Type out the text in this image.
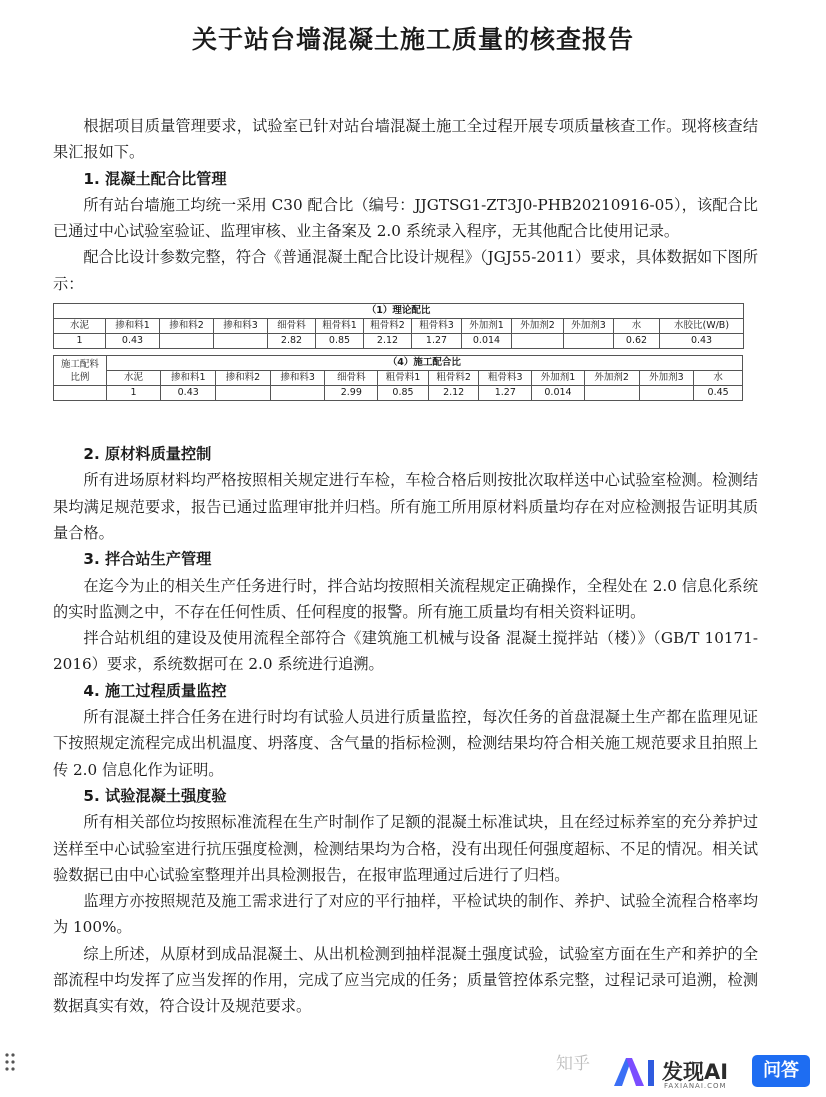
关于站台墙混凝土施工质量的核查报告

根据项目质量管理要求，试验室已针对站台墙混凝土施工全过程开展专项质量核查工作。现将核查结果汇报如下。

1. 混凝土配合比管理

所有站台墙施工均统一采用 C30 配合比（编号：JJGTSG1-ZT3J0-PHB20210916-05），该配合比已通过中心试验室验证、监理审核、业主备案及 2.0 系统录入程序，无其他配合比使用记录。

配合比设计参数完整，符合《普通混凝土配合比设计规程》（JGJ55-2011）要求，具体数据如下图所示：

（1）理论配比												
水泥	掺和料1	掺和料2	掺和料3	细骨料	粗骨料1	粗骨料2	粗骨料3	外加剂1	外加剂2	外加剂3	水	水胶比(W/B)
1	0.43			2.82	0.85	2.12	1.27	0.014			0.62	0.43
施工配料
比例	（4）施工配合比											
	水泥	掺和料1	掺和料2	掺和料3	细骨料	粗骨料1	粗骨料2	粗骨料3	外加剂1	外加剂2	外加剂3	水
	1	0.43			2.99	0.85	2.12	1.27	0.014			0.45
2. 原材料质量控制

所有进场原材料均严格按照相关规定进行车检，车检合格后则按批次取样送中心试验室检测。检测结果均满足规范要求，报告已通过监理审批并归档。所有施工所用原材料质量均存在对应检测报告证明其质量合格。

3. 拌合站生产管理

在迄今为止的相关生产任务进行时，拌合站均按照相关流程规定正确操作，全程处在 2.0 信息化系统的实时监测之中，不存在任何性质、任何程度的报警。所有施工质量均有相关资料证明。

拌合站机组的建设及使用流程全部符合《建筑施工机械与设备 混凝土搅拌站（楼）》（GB/T 10171-2016）要求，系统数据可在 2.0 系统进行追溯。

4. 施工过程质量监控

所有混凝土拌合任务在进行时均有试验人员进行质量监控，每次任务的首盘混凝土生产都在监理见证下按照规定流程完成出机温度、坍落度、含气量的指标检测，检测结果均符合相关施工规范要求且拍照上传 2.0 信息化作为证明。

5. 试验混凝土强度验

所有相关部位均按照标准流程在生产时制作了足额的混凝土标准试块，且在经过标养室的充分养护过送样至中心试验室进行抗压强度检测，检测结果均为合格，没有出现任何强度超标、不足的情况。相关试验数据已由中心试验室整理并出具检测报告，在报审监理通过后进行了归档。

监理方亦按照规范及施工需求进行了对应的平行抽样，平检试块的制作、养护、试验全流程合格率均为 100%。

综上所述，从原材到成品混凝土、从出机检测到抽样混凝土强度试验，试验室方面在生产和养护的全部流程中均发挥了应当发挥的作用，完成了应当完成的任务；质量管控体系完整，过程记录可追溯，检测数据真实有效，符合设计及规范要求。

知乎	发现AI
FAXIANAI.COM
问答
